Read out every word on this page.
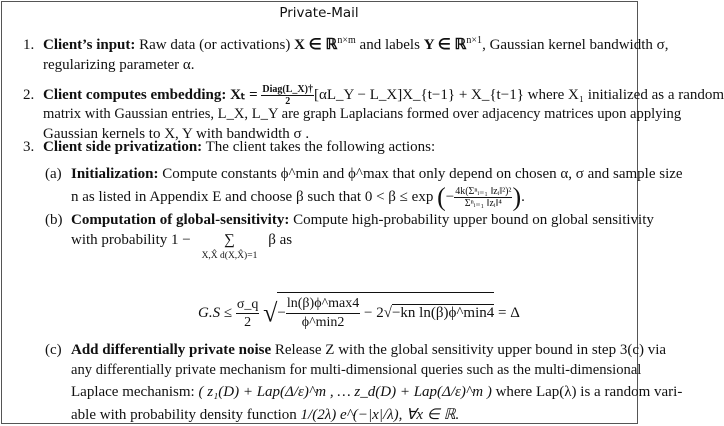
Private-Mail
1. Client’s input: Raw data (or activations) X ∈ ℝ$^{n\times m}$ and labels Y ∈ ℝ$^{n\times 1}$, Gaussian kernel bandwidth σ,
regularizing parameter α.
2. Client computes embedding: $X_t = \frac{\text{Diag(L\_X)†}}{2}$ [αL_Y − L_X]X_{t−1} + X_{t−1} where X₁ initialized as a random
matrix with Gaussian entries, L_X, L_Y are graph Laplacians formed over adjacency matrices upon applying
Gaussian kernels to X, Y with bandwidth σ .
3. Client side privatization: The client takes the following actions:
(a) Initialization: Compute constants ϕ^min and ϕ^max that only depend on chosen α, σ and sample size
n as listed in Appendix E and choose β such that 0 < β ≤ exp (− $\frac{\text{4k(Σⁿᵢ₌₁ ‖zᵢ‖²)²}}{\text{Σⁿᵢ₌₁ ‖zᵢ‖⁴}}$ ).
(b) Computation of global-sensitivity: Compute high-probability upper bound on global sensitivity
with probability 1 − ∑
X,X̂ d(X,X̂)=1
β as
$G.S \le \frac{\sigma\_q}{2}$ √− $\frac{\ln(\beta)\phi\^{}\max 4}{\phi\^{}\min 2} - 2√-kn$ ln(β)ϕ^min4 = Δ
(c) Add differentially private noise Release Z with the global sensitivity upper bound in step 3(c) via
any differentially private mechanism for multi-dimensional queries such as the multi-dimensional
Laplace mechanism: ( z₁(D) + Lap(Δ/ε)^m , … z_d(D) + Lap(Δ/ε)^m ) where Lap(λ) is a random vari-
able with probability density function 1/(2λ) e^(−|x|/λ), ∀x ∈ ℝ.
